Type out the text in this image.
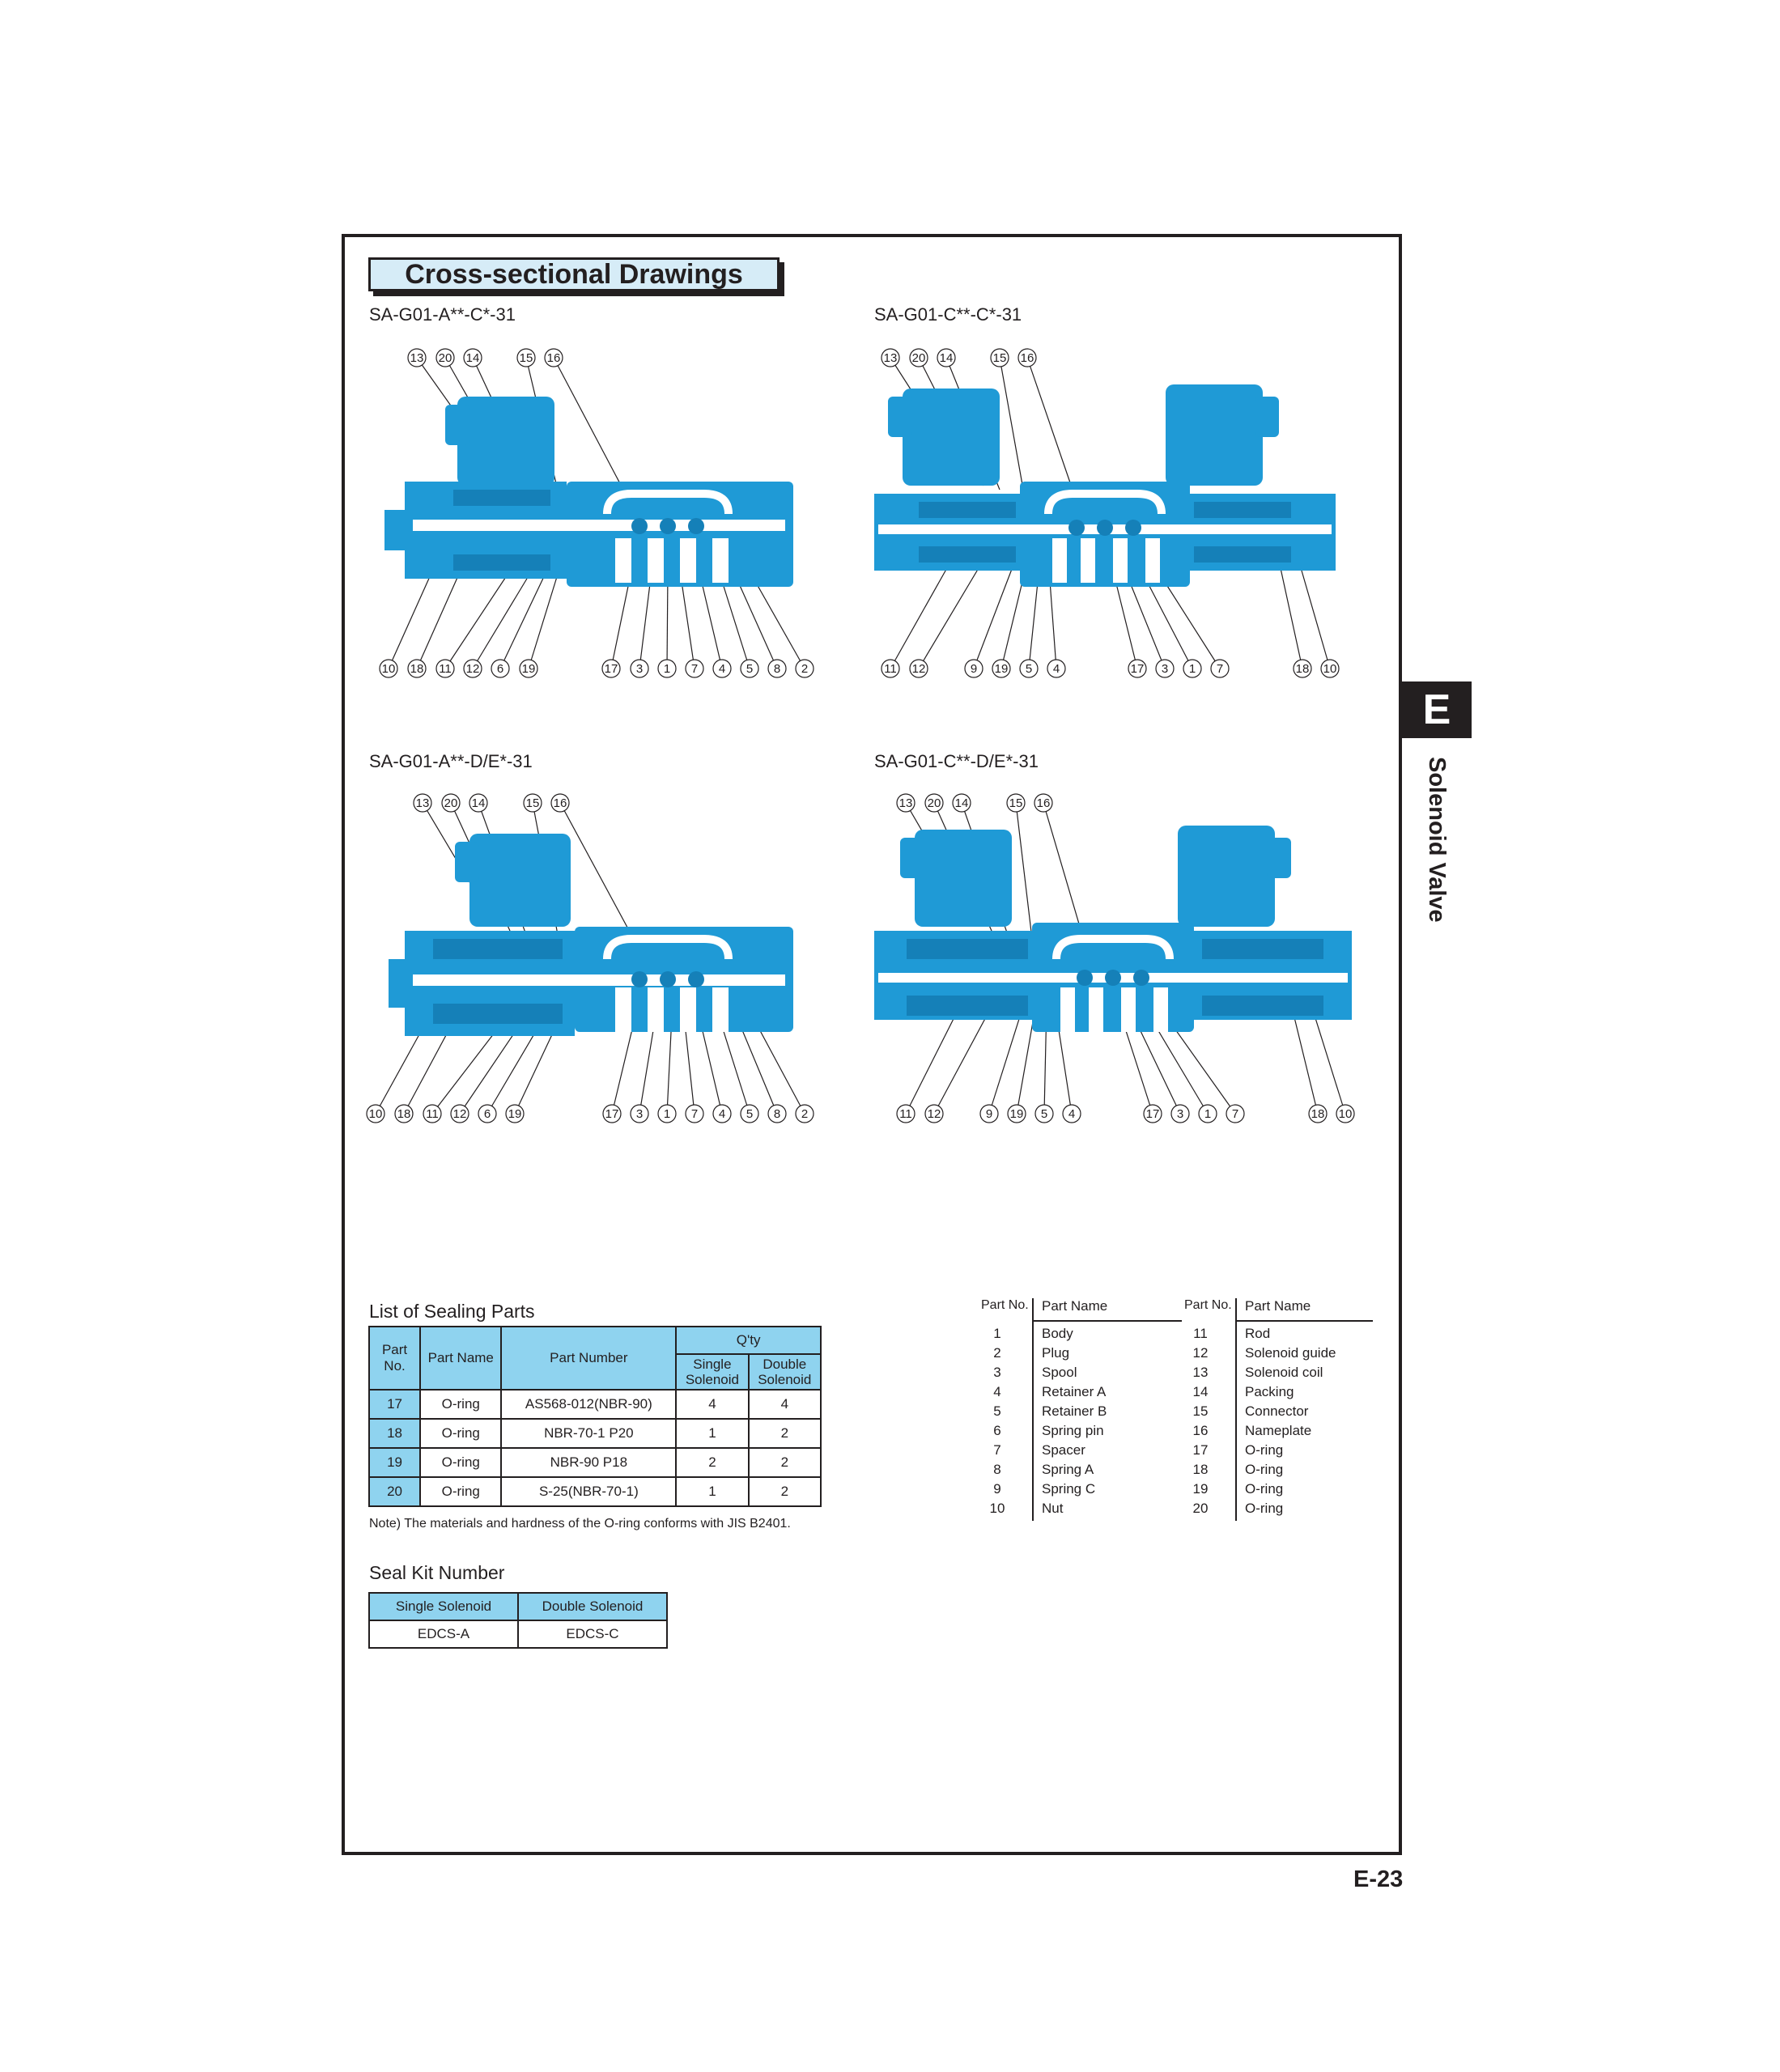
Cross-sectional Drawings
SA-G01-A**-C*-31	SA-G01-C**-C*-31
SA-G01-A**-D/E*-31	SA-G01-C**-D/E*-31
13 20 14	15 16
10 18 11 12 6 19	17 3 1 7 4 5 8 2
13 20 14	15 16
11 12	9 19 5 4	17 3 1 7	18 10
13 20 14	15 16
10 18 11 12 6 19	17 3 1 7 4 5 8 2
13 20 14	15 16
11 12	9 19 5 4	17 3 1 7	18 10
List of Sealing Parts
Part No.	Part Name	Part Number	Q'ty	
			Single Solenoid	Double Solenoid
17	O-ring	AS568-012(NBR-90)	4	4
18	O-ring	NBR-70-1 P20	1	2
19	O-ring	NBR-90 P18	2	2
20	O-ring	S-25(NBR-70-1)	1	2
Note) The materials and hardness of the O-ring conforms with JIS B2401.
Seal Kit Number
Single Solenoid	Double Solenoid
EDCS-A	EDCS-C
Part No. Part Name
1	Body
2	Plug
3	Spool
4	Retainer A
5	Retainer B
6	Spring pin
7	Spacer
8	Spring A
9	Spring C
10	Nut
Part No. Part Name
11	Rod
12	Solenoid guide
13	Solenoid coil
14	Packing
15	Connector
16	Nameplate
17	O-ring
18	O-ring
19	O-ring
20	O-ring
E
Solenoid Valve
E-23
